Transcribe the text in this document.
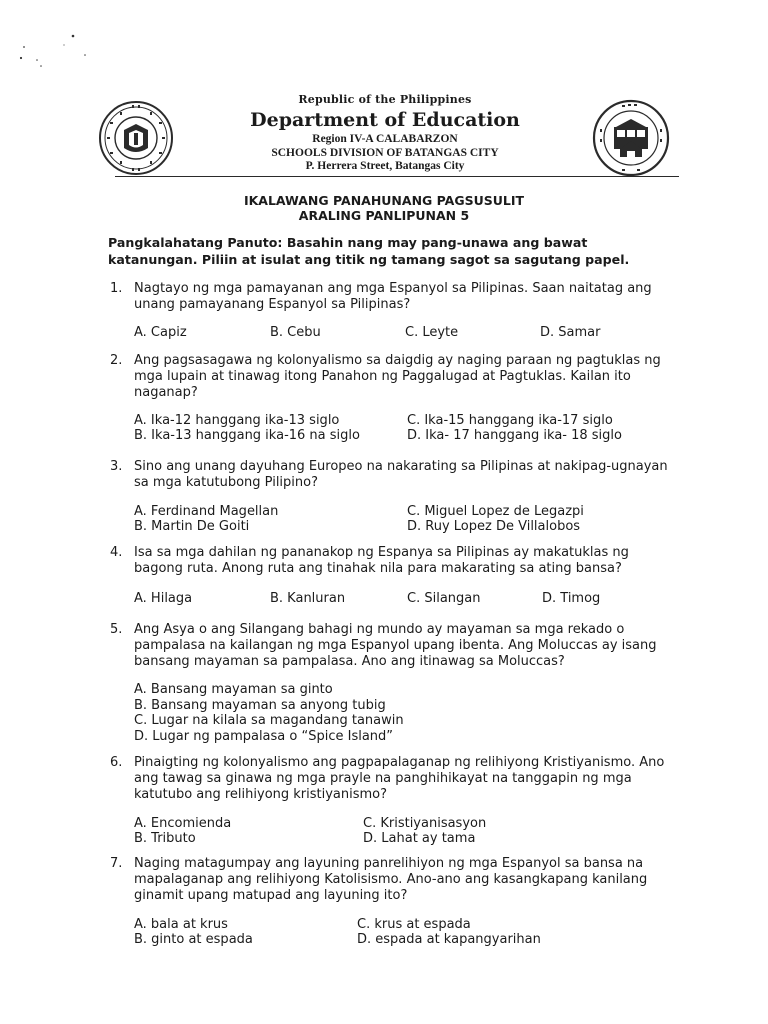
Republic of the Philippines

Department of Education

Region IV-A CALABARZON

SCHOOLS DIVISION OF BATANGAS CITY

P. Herrera Street, Batangas City

IKALAWANG PANAHUNANG PAGSUSULIT

ARALING PANLIPUNAN 5

Pangkalahatang Panuto: Basahin nang may pang-unawa ang bawat katanungan. Piliin at isulat ang titik ng tamang sagot sa sagutang papel.

1. Nagtayo ng mga pamayanan ang mga Espanyol sa Pilipinas. Saan naitatag ang unang pamayanang Espanyol sa Pilipinas?

A. Capiz	B. Cebu	C. Leyte	D. Samar
2. Ang pagsasagawa ng kolonyalismo sa daigdig ay naging paraan ng pagtuklas ng mga lupain at tinawag itong Panahon ng Paggalugad at Pagtuklas. Kailan ito naganap?

A. Ika-12 hanggang ika-13 siglo	C. Ika-15 hanggang ika-17 siglo
B. Ika-13 hanggang ika-16 na siglo	D. Ika- 17 hanggang ika- 18 siglo
3. Sino ang unang dayuhang Europeo na nakarating sa Pilipinas at nakipag-ugnayan sa mga katutubong Pilipino?

A. Ferdinand Magellan	C. Miguel Lopez de Legazpi
B. Martin De Goiti	D. Ruy Lopez De Villalobos
4. Isa sa mga dahilan ng pananakop ng Espanya sa Pilipinas ay makatuklas ng bagong ruta. Anong ruta ang tinahak nila para makarating sa ating bansa?

A. Hilaga	B. Kanluran	C. Silangan	D. Timog
5. Ang Asya o ang Silangang bahagi ng mundo ay mayaman sa mga rekado o pampalasa na kailangan ng mga Espanyol upang ibenta. Ang Moluccas ay isang bansang mayaman sa pampalasa. Ano ang itinawag sa Moluccas?

A. Bansang mayaman sa ginto
B. Bansang mayaman sa anyong tubig
C. Lugar na kilala sa magandang tanawin
D. Lugar ng pampalasa o “Spice Island”
6. Pinaigting ng kolonyalismo ang pagpapalaganap ng relihiyong Kristiyanismo. Ano ang tawag sa ginawa ng mga prayle na panghihikayat na tanggapin ng mga katutubo ang relihiyong kristiyanismo?

A. Encomienda	C. Kristiyanisasyon
B. Tributo	D. Lahat ay tama
7. Naging matagumpay ang layuning panrelihiyon ng mga Espanyol sa bansa na mapalaganap ang relihiyong Katolisismo. Ano-ano ang kasangkapang kanilang ginamit upang matupad ang layuning ito?

A. bala at krus	C. krus at espada
B. ginto at espada	D. espada at kapangyarihan
